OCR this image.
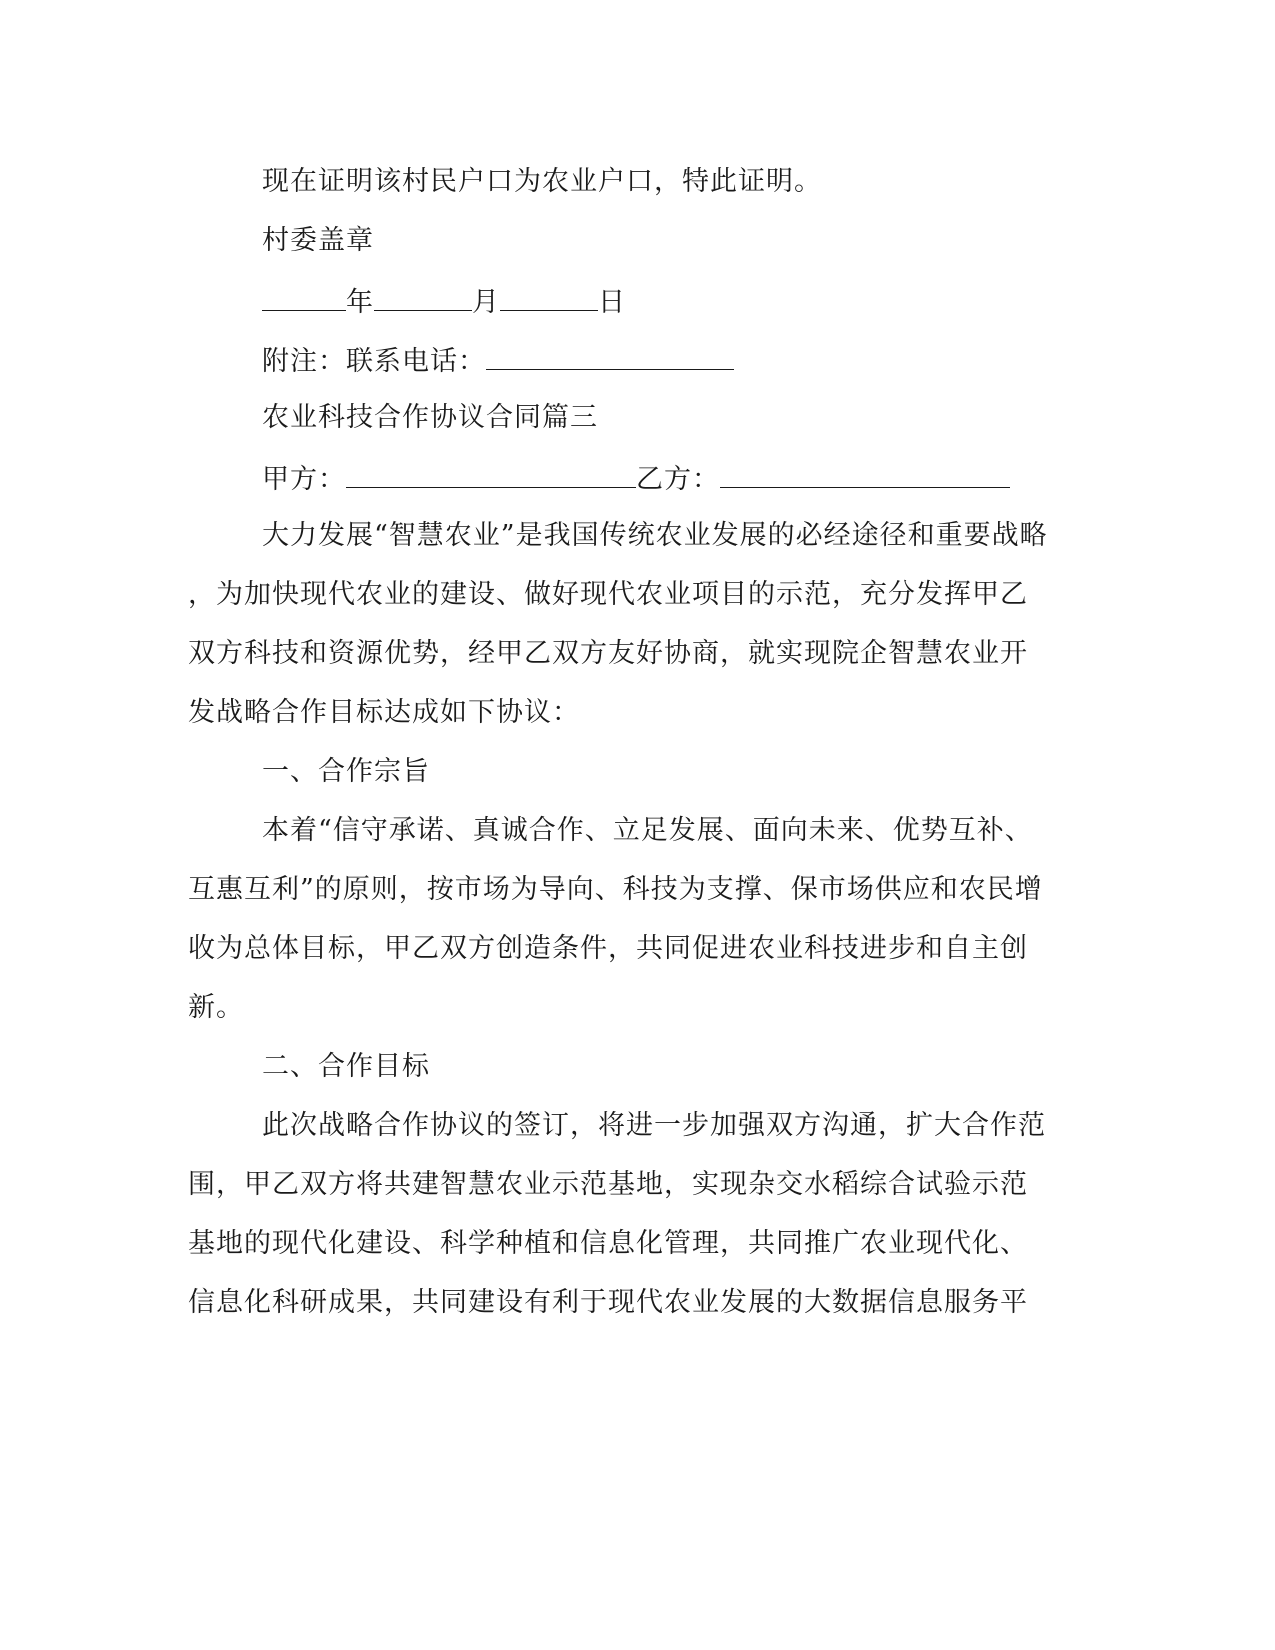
现在证明该村民户口为农业户口，特此证明。
村委盖章
年	月	日
附注：联系电话：
农业科技合作协议合同篇三
甲方：	乙方：
大力发展“智慧农业”是我国传统农业发展的必经途径和重要战略
，为加快现代农业的建设、做好现代农业项目的示范，充分发挥甲乙
双方科技和资源优势，经甲乙双方友好协商，就实现院企智慧农业开
发战略合作目标达成如下协议：
一、合作宗旨
本着“信守承诺、真诚合作、立足发展、面向未来、优势互补、
互惠互利”的原则，按市场为导向、科技为支撑、保市场供应和农民增
收为总体目标，甲乙双方创造条件，共同促进农业科技进步和自主创
新。
二、合作目标
此次战略合作协议的签订，将进一步加强双方沟通，扩大合作范
围，甲乙双方将共建智慧农业示范基地，实现杂交水稻综合试验示范
基地的现代化建设、科学种植和信息化管理，共同推广农业现代化、
信息化科研成果，共同建设有利于现代农业发展的大数据信息服务平
